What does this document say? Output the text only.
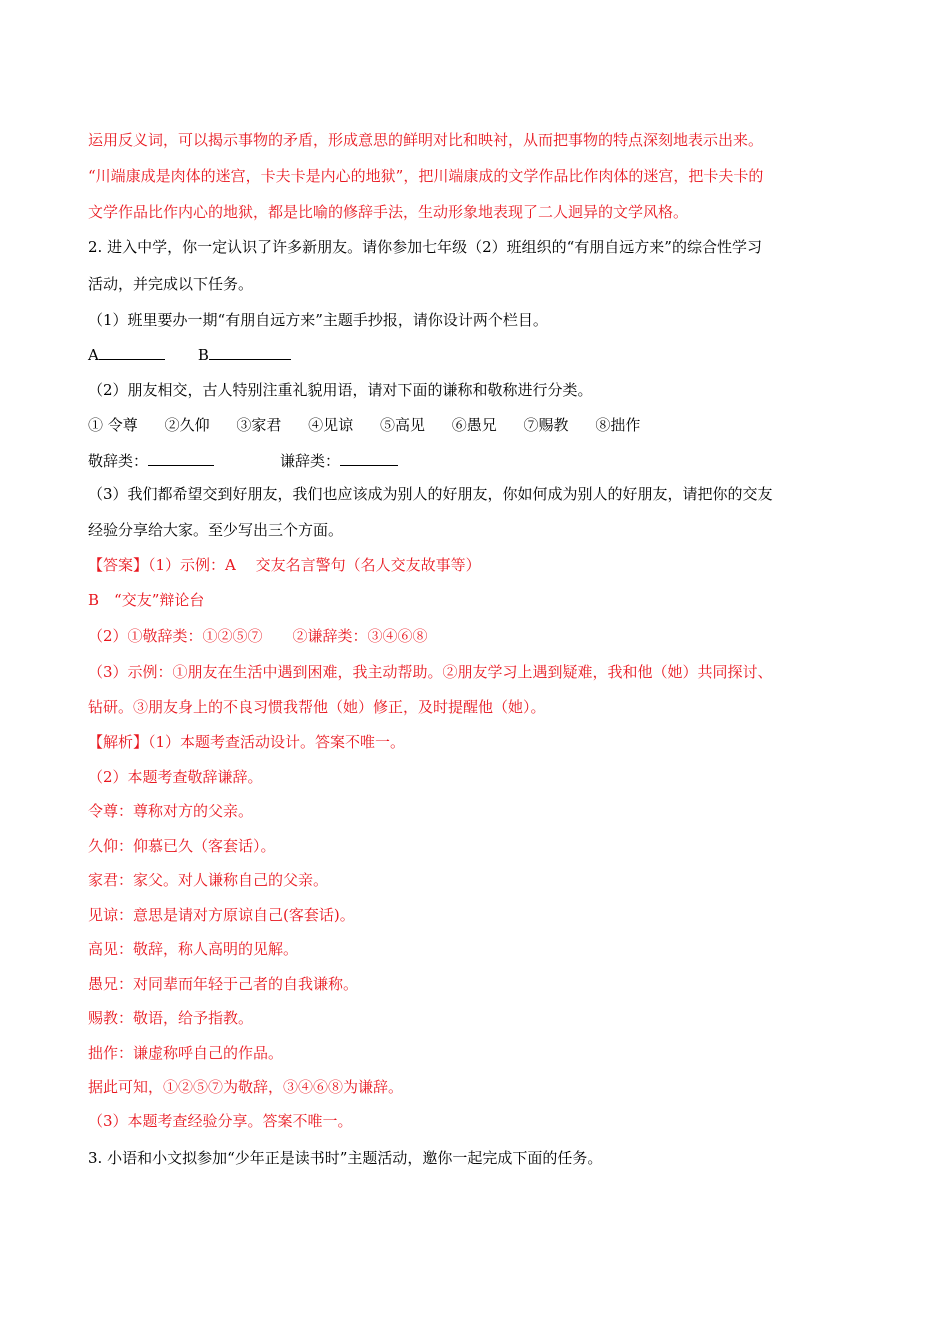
运用反义词，可以揭示事物的矛盾，形成意思的鲜明对比和映衬，从而把事物的特点深刻地表示出来。
“川端康成是肉体的迷宫，卡夫卡是内心的地狱”，把川端康成的文学作品比作肉体的迷宫，把卡夫卡的
文学作品比作内心的地狱，都是比喻的修辞手法，生动形象地表现了二人迥异的文学风格。
2. 进入中学，你一定认识了许多新朋友。请你参加七年级（2）班组织的“有朋自远方来”的综合性学习
活动，并完成以下任务。
（1）班里要办一期“有朋自远方来”主题手抄报，请你设计两个栏目。
A	B
（2）朋友相交，古人特别注重礼貌用语，请对下面的谦称和敬称进行分类。
① 令尊 ②久仰 ③家君 ④见谅 ⑤高见 ⑥愚兄 ⑦赐教 ⑧拙作
敬辞类：	谦辞类：
（3）我们都希望交到好朋友，我们也应该成为别人的好朋友，你如何成为别人的好朋友，请把你的交友
经验分享给大家。至少写出三个方面。
【答案】（1）示例：A　 交友名言警句（名人交友故事等）
B　“交友”辩论台
（2）①敬辞类：①②⑤⑦　　②谦辞类：③④⑥⑧
（3）示例：①朋友在生活中遇到困难，我主动帮助。②朋友学习上遇到疑难，我和他（她）共同探讨、
钻研。③朋友身上的不良习惯我帮他（她）修正，及时提醒他（她）。
【解析】（1）本题考查活动设计。答案不唯一。
（2）本题考查敬辞谦辞。
令尊：尊称对方的父亲。
久仰：仰慕已久（客套话）。
家君：家父。对人谦称自己的父亲。
见谅：意思是请对方原谅自己(客套话)。
高见：敬辞，称人高明的见解。
愚兄：对同辈而年轻于己者的自我谦称。
赐教：敬语，给予指教。
拙作：谦虚称呼自己的作品。
据此可知，①②⑤⑦为敬辞，③④⑥⑧为谦辞。
（3）本题考查经验分享。答案不唯一。
3. 小语和小文拟参加“少年正是读书时”主题活动，邀你一起完成下面的任务。
